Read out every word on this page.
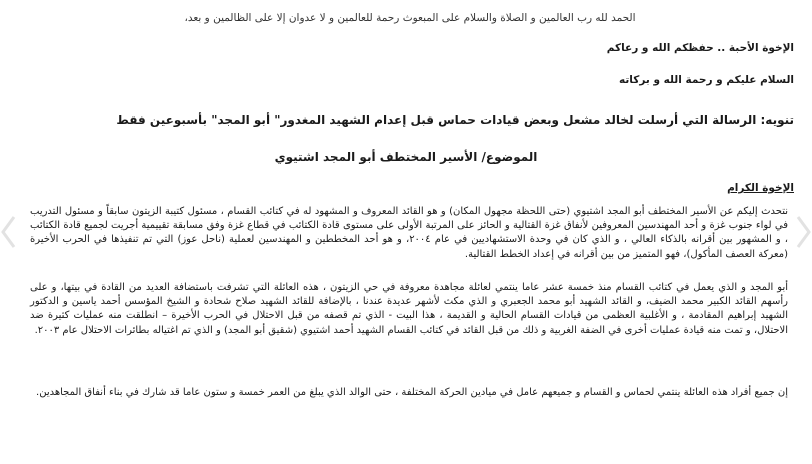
الحمد لله رب العالمين و الصلاة والسلام على المبعوث رحمة للعالمين و لا عدوان إلا على الظالمين و بعد،
الإخوة الأحبة .. حفظكم الله و رعاكم
السلام عليكم و رحمة الله و بركاته
تنويه: الرسالة التي أرسلت لخالد مشعل وبعض قيادات حماس قبل إعدام الشهيد المغدور" أبو المجد" بأسبوعين فقط
الموضوع/ الأسير المختطف أبو المجد اشتيوي
الإخوة الكرام
نتحدث إليكم عن الأسير المختطف أبو المجد اشتيوي (حتى اللحظة مجهول المكان) و هو القائد المعروف و المشهود له في كتائب القسام ، مسئول كتيبة الزيتون سابقاً و مسئول التدريب في لواء جنوب غزة و أحد المهندسين المعروفين لأنفاق غزة القتالية و الحائز على المرتبة الأولى على مستوى قادة الكتائب في قطاع غزة وفق مسابقة تقييمية أجريت لجميع قادة الكتائب ، و المشهور بين أقرانه بالذكاء العالي ، و الذي كان في وحدة الاستشهاديين في عام ٢٠٠٤، و هو أحد المخططين و المهندسين لعملية (ناحل عوز) التي تم تنفيذها في الحرب الأخيرة (معركة العصف المأكول)، فهو المتميز من بين أقرانه في إعداد الخطط القتالية.
أبو المجد و الذي يعمل في كتائب القسام منذ خمسة عشر عاما ينتمي لعائلة مجاهدة معروفة في حي الزيتون ، هذه العائلة التي تشرفت باستضافة العديد من القادة في بيتها، و على رأسهم القائد الكبير محمد الضيف، و القائد الشهيد أبو محمد الجعبري و الذي مكث لأشهر عديدة عندنا ، بالإضافة للقائد الشهيد صلاح شحادة و الشيخ المؤسس أحمد ياسين و الدكتور الشهيد إبراهيم المقادمة ، و الأغلبية العظمى من قيادات القسام الحالية و القديمة ، هذا البيت - الذي تم قصفه من قبل الاحتلال في الحرب الأخيرة – انطلقت منه عمليات كثيرة ضد الاحتلال، و تمت منه قيادة عمليات أخرى في الضفة الغربية و ذلك من قبل القائد في كتائب القسام الشهيد أحمد اشتيوي (شقيق أبو المجد) و الذي تم اغتياله بطائرات الاحتلال عام ٢٠٠٣.
إن جميع أفراد هذه العائلة ينتمي لحماس و القسام و جميعهم عامل في ميادين الحركة المختلفة ، حتى الوالد الذي يبلغ من العمر خمسة و ستون عاما قد شارك في بناء أنفاق المجاهدين.
